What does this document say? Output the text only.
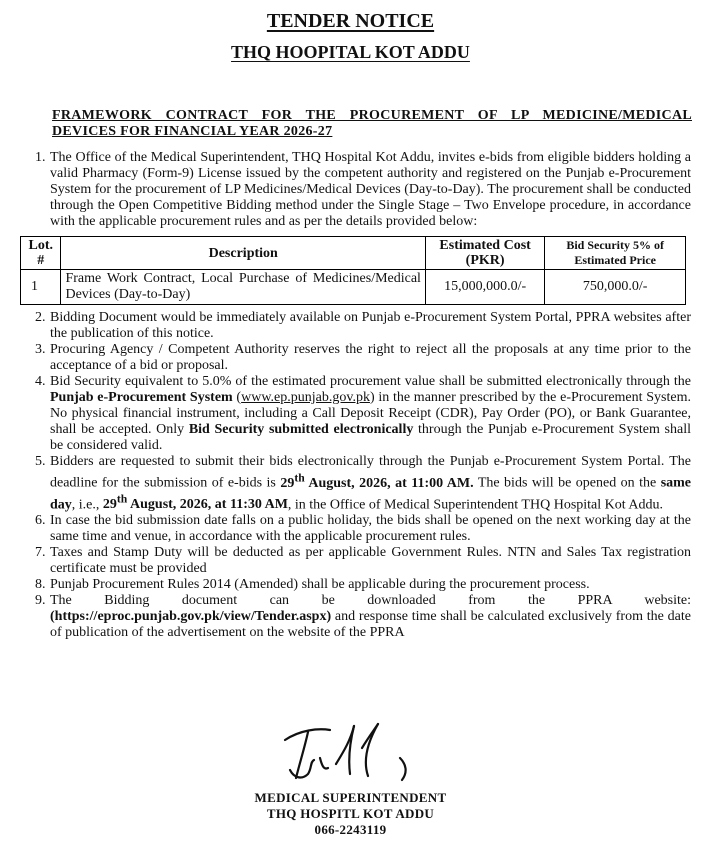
TENDER NOTICE
THQ HOOPITAL KOT ADDU
FRAMEWORK CONTRACT FOR THE PROCUREMENT OF LP MEDICINE/MEDICAL
DEVICES FOR FINANCIAL YEAR 2026-27
1. The Office of the Medical Superintendent, THQ Hospital Kot Addu, invites e-bids from eligible bidders holding a valid Pharmacy (Form-9) License issued by the competent authority and registered on the Punjab e-Procurement System for the procurement of LP Medicines/Medical Devices (Day-to-Day). The procurement shall be conducted through the Open Competitive Bidding method under the Single Stage – Two Envelope procedure, in accordance with the applicable procurement rules and as per the details provided below:
Lot. #	Description	Estimated Cost (PKR)	Bid Security 5% of Estimated Price
1	Frame Work Contract, Local Purchase of Medicines/Medical Devices (Day-to-Day)	15,000,000.0/-	750,000.0/-
2. Bidding Document would be immediately available on Punjab e-Procurement System Portal, PPRA websites after the publication of this notice.
3. Procuring Agency / Competent Authority reserves the right to reject all the proposals at any time prior to the acceptance of a bid or proposal.
4. Bid Security equivalent to 5.0% of the estimated procurement value shall be submitted electronically through the Punjab e-Procurement System (www.ep.punjab.gov.pk) in the manner prescribed by the e-Procurement System. No physical financial instrument, including a Call Deposit Receipt (CDR), Pay Order (PO), or Bank Guarantee, shall be accepted. Only Bid Security submitted electronically through the Punjab e-Procurement System shall be considered valid.
5. Bidders are requested to submit their bids electronically through the Punjab e-Procurement System Portal. The deadline for the submission of e-bids is 29th August, 2026, at 11:00 AM. The bids will be opened on the same day, i.e., 29th August, 2026, at 11:30 AM, in the Office of Medical Superintendent THQ Hospital Kot Addu.
6. In case the bid submission date falls on a public holiday, the bids shall be opened on the next working day at the same time and venue, in accordance with the applicable procurement rules.
7. Taxes and Stamp Duty will be deducted as per applicable Government Rules. NTN and Sales Tax registration certificate must be provided
8. Punjab Procurement Rules 2014 (Amended) shall be applicable during the procurement process.
9. The Bidding document can be downloaded from the PPRA website: (https://eproc.punjab.gov.pk/view/Tender.aspx) and response time shall be calculated exclusively from the date of publication of the advertisement on the website of the PPRA
MEDICAL SUPERINTENDENT
THQ HOSPITL KOT ADDU
066-2243119
